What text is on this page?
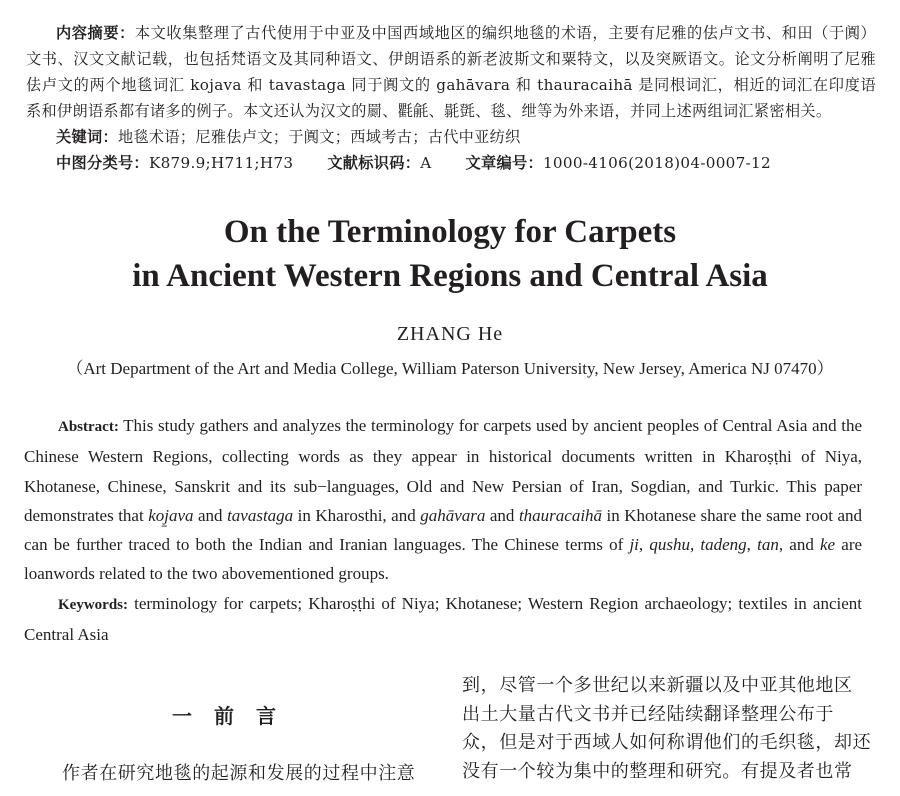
内容摘要：本文收集整理了古代使用于中亚及中国西域地区的编织地毯的术语，主要有尼雅的佉卢文书、和田（于阗）文书、汉文文献记载，也包括梵语文及其同种语文、伊朗语系的新老波斯文和粟特文，以及突厥语文。论文分析阐明了尼雅佉卢文的两个地毯词汇 kojava 和 tavastaga 同于阗文的 gahāvara 和 thauracaihā 是同根词汇，相近的词汇在印度语系和伊朗语系都有诸多的例子。本文还认为汉文的罽、氍毹、毾㲪、毯、绁等为外来语，并同上述两组词汇紧密相关。

关键词：地毯术语；尼雅佉卢文；于阗文；西域考古；古代中亚纺织

中图分类号：K879.9;H711;H73 文献标识码：A 文章编号：1000-4106(2018)04-0007-12

On the Terminology for Carpets
in Ancient Western Regions and Central Asia
ZHANG He
（Art Department of the Art and Media College, William Paterson University, New Jersey, America NJ 07470）

Abstract: This study gathers and analyzes the terminology for carpets used by ancient peoples of Central Asia and the Chinese Western Regions, collecting words as they appear in historical documents written in Kharoṣṭhi of Niya, Khotanese, Chinese, Sanskrit and its sub−languages, Old and New Persian of Iran, Sogdian, and Turkic. This paper demonstrates that koj̱ava and tavastaga in Kharosthi, and gahāvara and thauracaihā in Khotanese share the same root and can be further traced to both the Indian and Iranian languages. The Chinese terms of ji, qushu, tadeng, tan, and ke are loanwords related to the two abovementioned groups.

Keywords: terminology for carpets; Kharoṣṭhi of Niya; Khotanese; Western Region archaeology; textiles in ancient Central Asia

一前言
作者在研究地毯的起源和发展的过程中注意
到，尽管一个多世纪以来新疆以及中亚其他地区
出土大量古代文书并已经陆续翻译整理公布于
众，但是对于西域人如何称谓他们的毛织毯，却还
没有一个较为集中的整理和研究。有提及者也常
